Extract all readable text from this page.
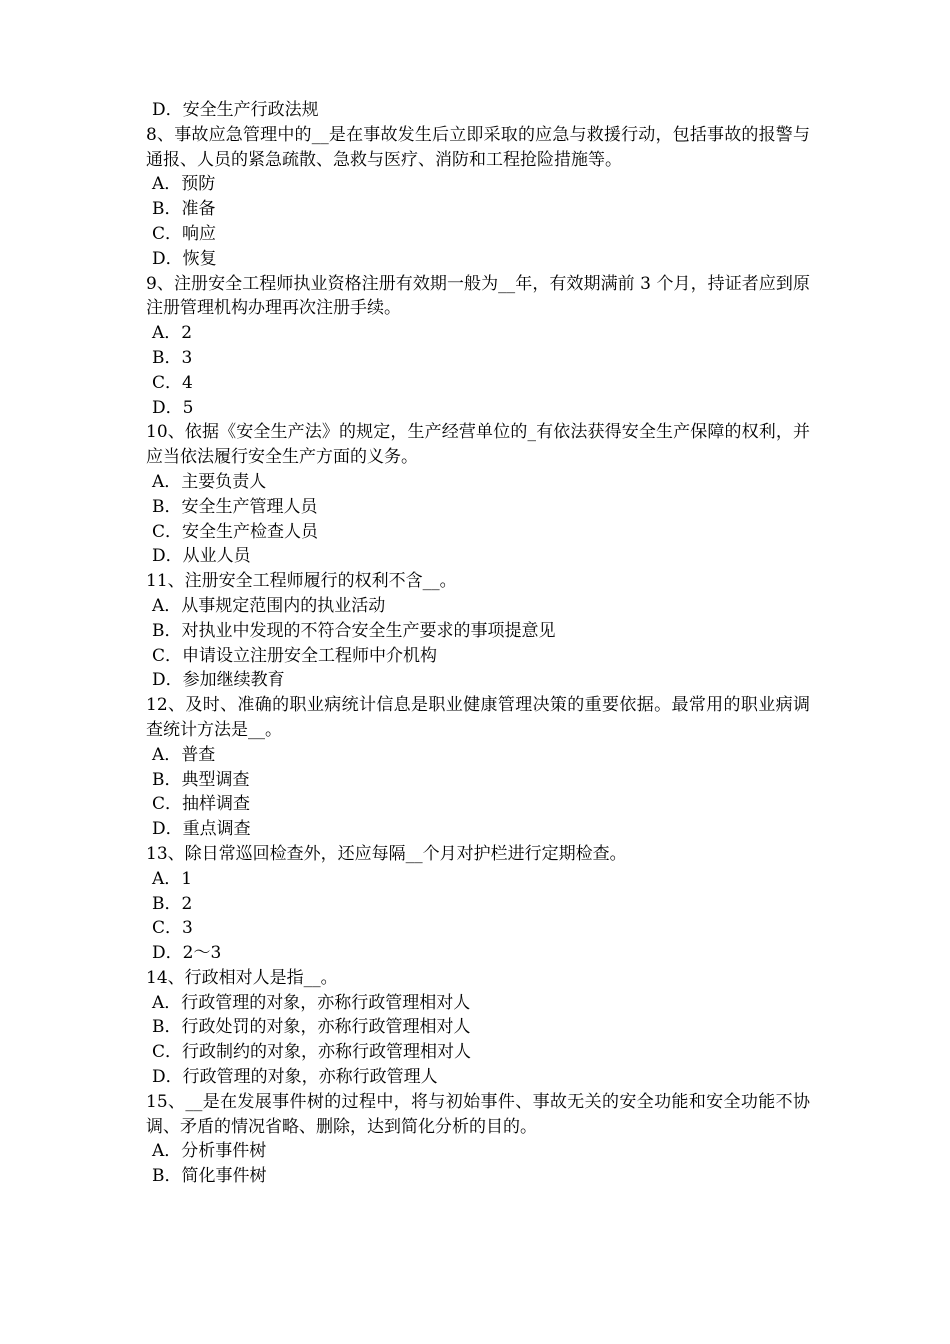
D．安全生产行政法规
8、事故应急管理中的__是在事故发生后立即采取的应急与救援行动，包括事故的报警与通报、人员的紧急疏散、急救与医疗、消防和工程抢险措施等。
A．预防
B．准备
C．响应
D．恢复
9、注册安全工程师执业资格注册有效期一般为__年，有效期满前 3 个月，持证者应到原注册管理机构办理再次注册手续。
A．2
B．3
C．4
D．5
10、依据《安全生产法》的规定，生产经营单位的_有依法获得安全生产保障的权利，并应当依法履行安全生产方面的义务。
A．主要负责人
B．安全生产管理人员
C．安全生产检查人员
D．从业人员
11、注册安全工程师履行的权利不含__。
A．从事规定范围内的执业活动
B．对执业中发现的不符合安全生产要求的事项提意见
C．申请设立注册安全工程师中介机构
D．参加继续教育
12、及时、准确的职业病统计信息是职业健康管理决策的重要依据。最常用的职业病调查统计方法是__。
A．普查
B．典型调查
C．抽样调查
D．重点调查
13、除日常巡回检查外，还应每隔__个月对护栏进行定期检查。
A．1
B．2
C．3
D．2～3
14、行政相对人是指__。
A．行政管理的对象，亦称行政管理相对人
B．行政处罚的对象，亦称行政管理相对人
C．行政制约的对象，亦称行政管理相对人
D．行政管理的对象，亦称行政管理人
15、__是在发展事件树的过程中，将与初始事件、事故无关的安全功能和安全功能不协调、矛盾的情况省略、删除，达到简化分析的目的。
A．分析事件树
B．简化事件树
